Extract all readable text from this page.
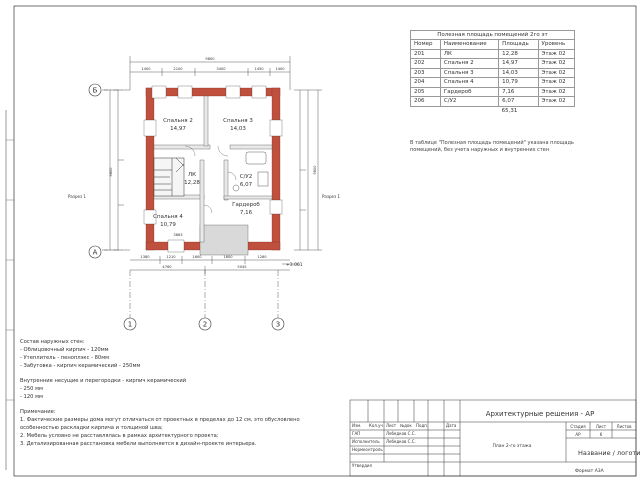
Б
А
1	2	3
Спальня 2
14,97
Спальня 3
14,03
ЛК
12,28
С/У2
6,07
Гардероб
7,16
Спальня 4
10,79
9800
1400	2100	3400	1450	1400
1380	1210	1600	1800	1260
4760	5045
3863
9800	9800
+3.061
Разрез 1	Разрез 1
Изм. Кол.уч Лист №док Подп.	Дата
ГАП	Лебедков С.С.
Исполнитель Лебедков С.С.
Нормконтроль
Утвердил
Архитектурные решения - АР
План 2-го этажа
Стадия	Лист	Листов
АР	6
Название / логоти
Формат А3А
Полезная площадь помещений 2го эт
Номер	Наименование	Площадь	Уровень
201	ЛК	12,28	Этаж 02
202	Спальня 2	14,97	Этаж 02
203	Спальня 3	14,03	Этаж 02
204	Спальня 4	10,79	Этаж 02
205	Гардероб	7,16	Этаж 02
206	С/У2	6,07	Этаж 02
		65,31	
В таблице "Полезная площадь помещений" указана площадь помещений, без учета наружных и внутренних стен

Состав наружных стен:

- Облицовочный кирпич - 120мм

- Утеплитель - пеноплэкс - 80мм

- Забутовка - кирпич керамический - 250мм

Внутренние несущие и перегородки - кирпич керамический

- 250 мм

- 120 мм

Примечание:

1. Фактические размеры дома могут отличаться от проектных в пределах до 12 см, это обусловлено особенностью раскладки кирпича и толщиной шва;

2. Мебель условно не расставлялась в рамках архитектурного проекта;

3. Детализированная расстановка мебели выполняется в дизайн-проекте интерьера.
